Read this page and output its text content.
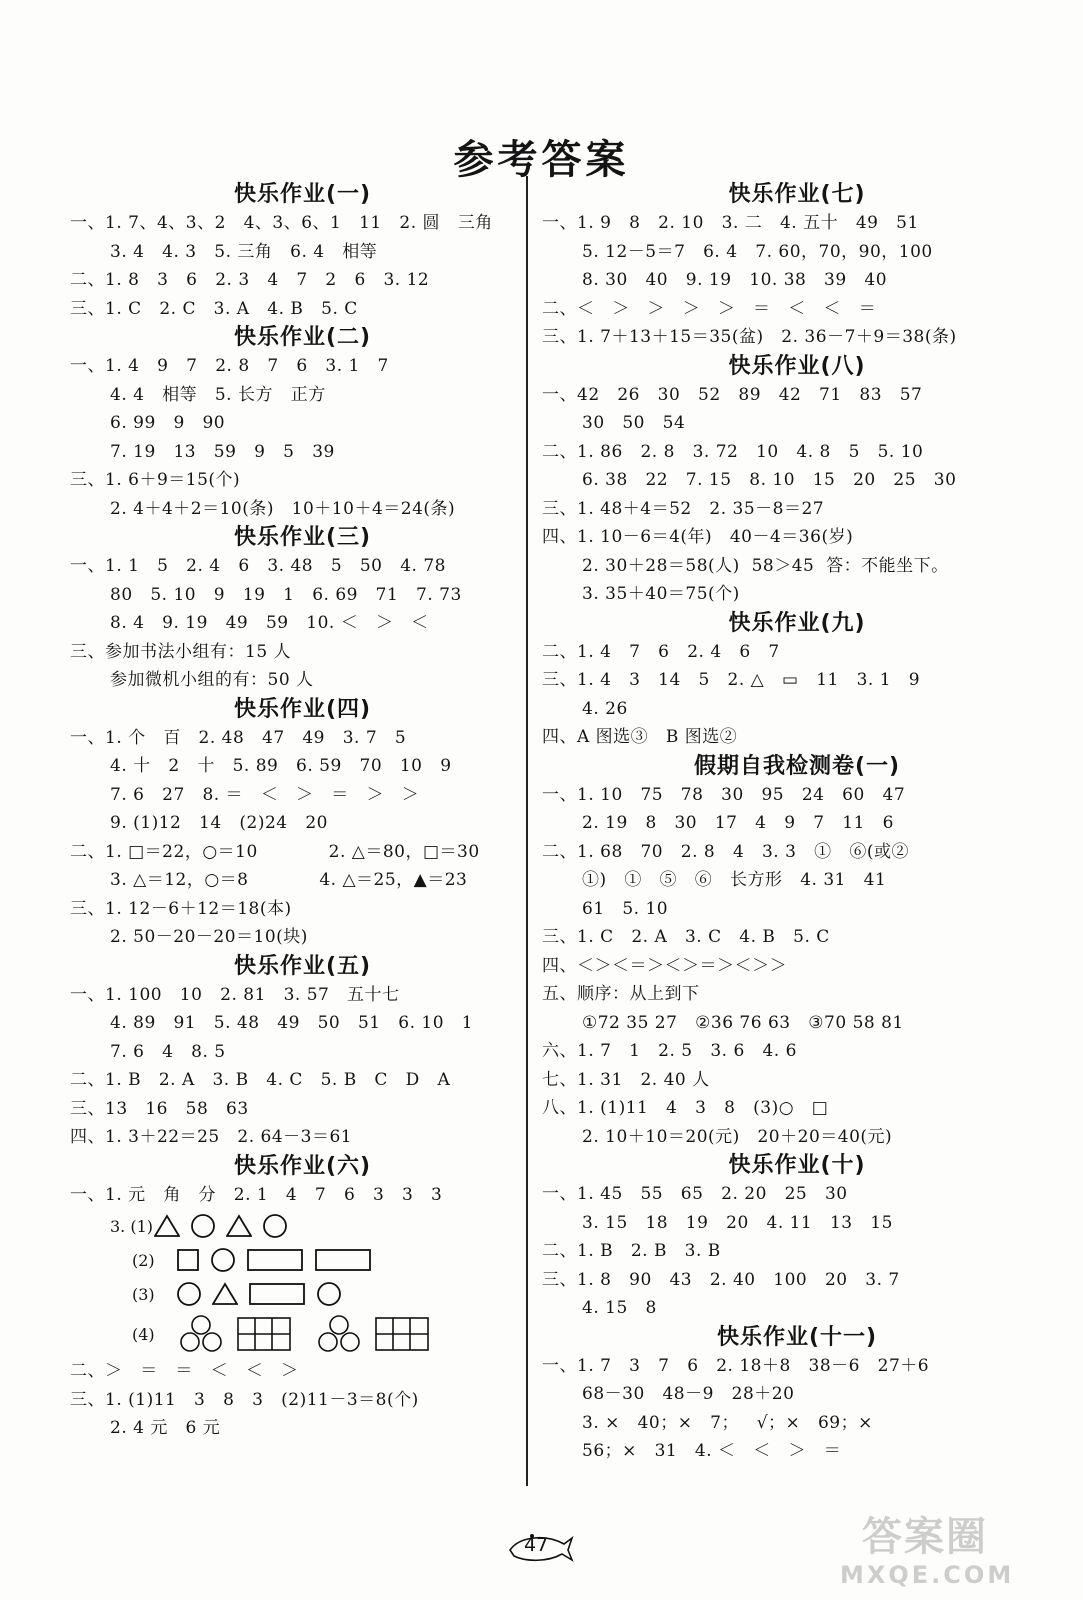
参考答案
快乐作业(一)
一、1. 7、4、3、2   4、3、6、1   11   2. 圆   三角
3. 4   4. 3   5. 三角   6. 4   相等
二、1. 8   3   6   2. 3   4   7   2   6   3. 12
三、1. C   2. C   3. A   4. B   5. C
快乐作业(二)
一、1. 4   9   7   2. 8   7   6   3. 1   7
4. 4   相等   5. 长方   正方
6. 99   9   90
7. 19   13   59   9   5   39
三、1. 6＋9＝15(个)
2. 4＋4＋2＝10(条)   10＋10＋4＝24(条)
快乐作业(三)
一、1. 1   5   2. 4   6   3. 48   5   50   4. 78
80   5. 10   9   19   1   6. 69   71   7. 73
8. 4   9. 19   49   59   10. ＜   ＞   ＜
三、参加书法小组有：15 人
参加微机小组的有：50 人
快乐作业(四)
一、1. 个   百   2. 48   47   49   3. 7   5
4. 十   2   十   5. 89   6. 59   70   10   9
7. 6   27   8. ＝   ＜   ＞   ＝   ＞   ＞
9. (1)12   14   (2)24   20
二、1. □＝22，○＝10            2. △＝80，□＝30
3. △＝12，○＝8            4. △＝25，▲＝23
三、1. 12－6＋12＝18(本)
2. 50－20－20＝10(块)
快乐作业(五)
一、1. 100   10   2. 81   3. 57   五十七
4. 89   91   5. 48   49   50   51   6. 10   1
7. 6   4   8. 5
二、1. B   2. A   3. B   4. C   5. B   C   D   A
三、13   16   58   63
四、1. 3＋22＝25   2. 64－3＝61
快乐作业(六)
一、1. 元   角   分   2. 1   4   7   6   3   3   3
3. (1)
(2)
(3)
(4)
二、＞   ＝   ＝   ＜   ＜   ＞
三、1. (1)11   3   8   3   (2)11－3＝8(个)
2. 4 元   6 元
快乐作业(七)
一、1. 9   8   2. 10   3. 二   4. 五十   49   51
5. 12－5＝7   6. 4   7. 60，70，90，100
8. 30   40   9. 19   10. 38   39   40
二、＜   ＞   ＞   ＞   ＞   ＝   ＜   ＜   ＝
三、1. 7＋13＋15＝35(盆)   2. 36－7＋9＝38(条)
快乐作业(八)
一、42   26   30   52   89   42   71   83   57
30   50   54
二、1. 86   2. 8   3. 72   10   4. 8   5   5. 10
6. 38   22   7. 15   8. 10   15   20   25   30
三、1. 48＋4＝52   2. 35－8＝27
四、1. 10－6＝4(年)   40－4＝36(岁)
2. 30＋28＝58(人)  58＞45  答：不能坐下。
3. 35＋40＝75(个)
快乐作业(九)
二、1. 4   7   6   2. 4   6   7
三、1. 4   3   14   5   2. △   ▭   11   3. 1   9
4. 26
四、A 图选③   B 图选②
假期自我检测卷(一)
一、1. 10   75   78   30   95   24   60   47
2. 19   8   30   17   4   9   7   11   6
二、1. 68   70   2. 8   4   3. 3   ①   ⑥(或②
①)   ①   ⑤   ⑥   长方形   4. 31   41
61   5. 10
三、1. C   2. A   3. C   4. B   5. C
四、＜＞＜＝＞＜＞＝＞＜＞＞
五、顺序：从上到下
①72 35 27   ②36 76 63   ③70 58 81
六、1. 7   1   2. 5   3. 6   4. 6
七、1. 31   2. 40 人
八、1. (1)11   4   3   8   (3)○   □
2. 10＋10＝20(元)   20＋20＝40(元)
快乐作业(十)
一、1. 45   55   65   2. 20   25   30
3. 15   18   19   20   4. 11   13   15
二、1. B   2. B   3. B
三、1. 8   90   43   2. 40   100   20   3. 7
4. 15   8
快乐作业(十一)
一、1. 7   3   7   6   2. 18＋8   38－6   27＋6
68－30   48－9   28＋20
3. ×   40；×   7；   √；×   69；×
56；×   31   4. ＜   ＜   ＞   ＝
47	答案圈
MXQE.COM
